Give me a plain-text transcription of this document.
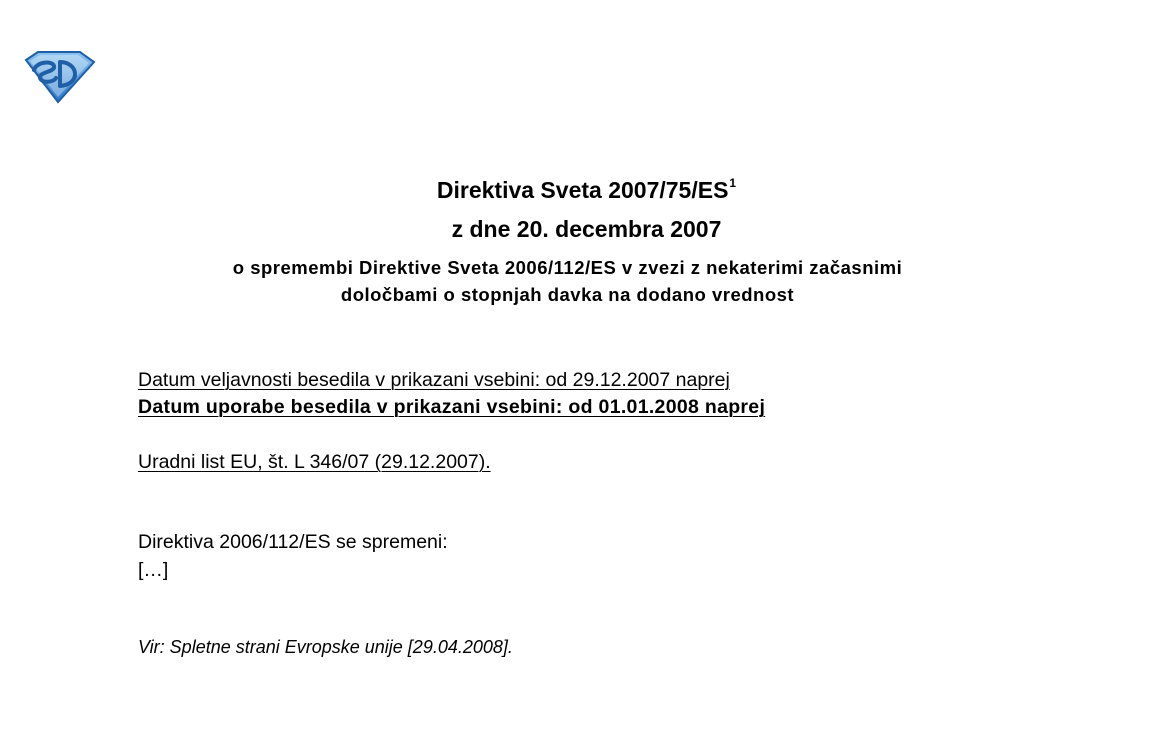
Direktiva Sveta $2007/75/ES^1$
z dne 20. decembra 2007
o spremembi Direktive Sveta 2006/112/ES v zvezi z nekaterimi začasnimi
določbami o stopnjah davka na dodano vrednost
Datum veljavnosti besedila v prikazani vsebini: od 29.12.2007 naprej
Datum uporabe besedila v prikazani vsebini: od 01.01.2008 naprej
Uradni list EU, št. L 346/07 (29.12.2007).
Direktiva 2006/112/ES se spremeni:
[…]
Vir: Spletne strani Evropske unije [29.04.2008].
